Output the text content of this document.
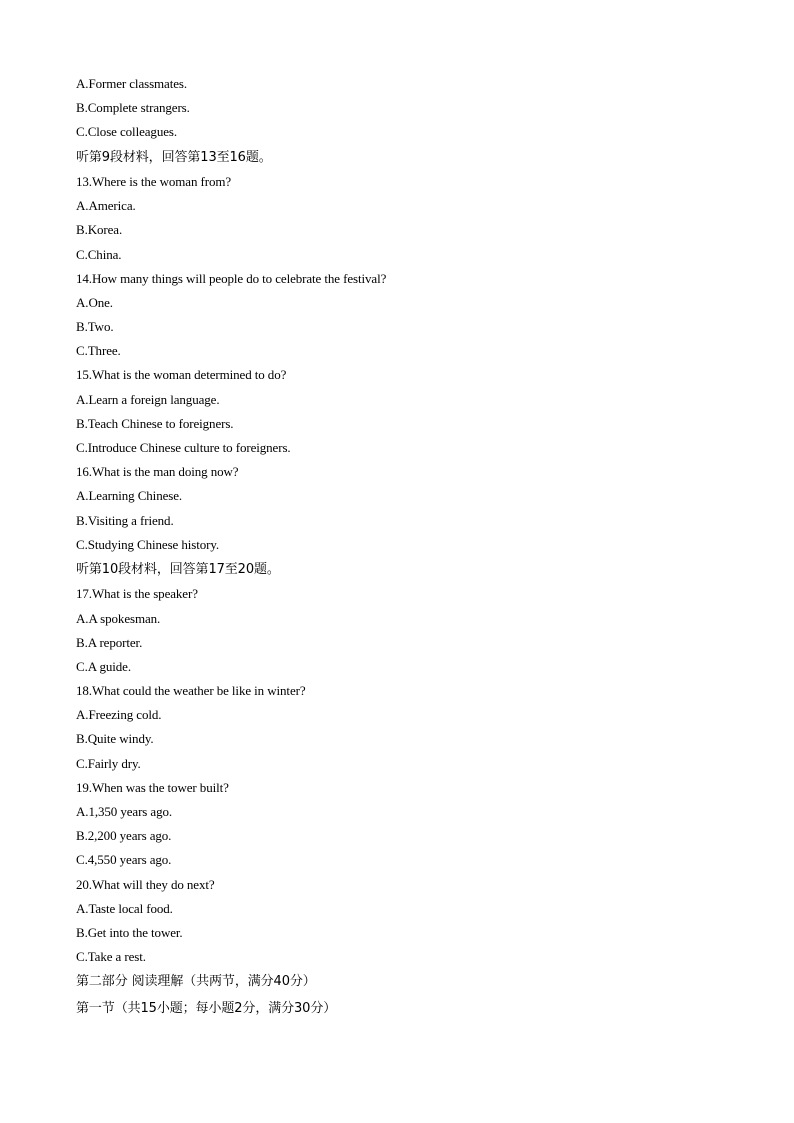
A.Former classmates.
B.Complete strangers.
C.Close colleagues.
听第9段材料，回答第13至16题。
13.Where is the woman from?
A.America.
B.Korea.
C.China.
14.How many things will people do to celebrate the festival?
A.One.
B.Two.
C.Three.
15.What is the woman determined to do?
A.Learn a foreign language.
B.Teach Chinese to foreigners.
C.Introduce Chinese culture to foreigners.
16.What is the man doing now?
A.Learning Chinese.
B.Visiting a friend.
C.Studying Chinese history.
听第10段材料，回答第17至20题。
17.What is the speaker?
A.A spokesman.
B.A reporter.
C.A guide.
18.What could the weather be like in winter?
A.Freezing cold.
B.Quite windy.
C.Fairly dry.
19.When was the tower built?
A.1,350 years ago.
B.2,200 years ago.
C.4,550 years ago.
20.What will they do next?
A.Taste local food.
B.Get into the tower.
C.Take a rest.
第二部分 阅读理解（共两节，满分40分）
第一节（共15小题；每小题2分，满分30分）
